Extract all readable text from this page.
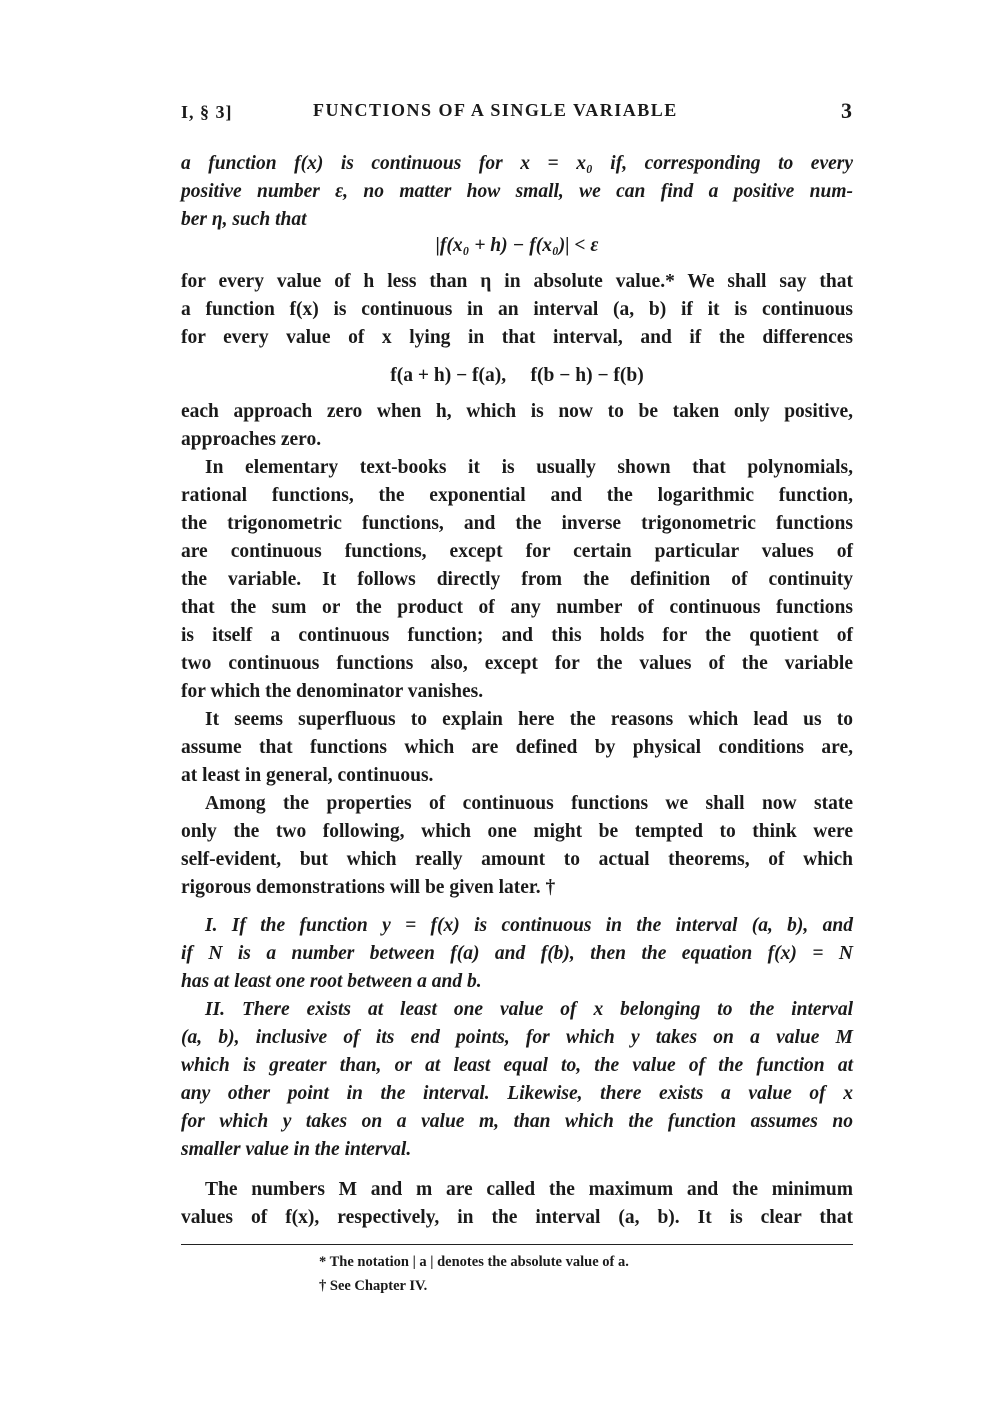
I, § 3]	FUNCTIONS OF A SINGLE VARIABLE	3
a function f(x) is continuous for x = x₀ if, corresponding to every
positive number ε, no matter how small, we can find a positive num-
ber η, such that
|f(x₀ + h) − f(x₀)| < ε
for every value of h less than η in absolute value.* We shall say that
a function f(x) is continuous in an interval (a, b) if it is continuous
for every value of x lying in that interval, and if the differences
f(a + h) − f(a),     f(b − h) − f(b)
each approach zero when h, which is now to be taken only positive,
approaches zero.
In elementary text-books it is usually shown that polynomials,
rational functions, the exponential and the logarithmic function,
the trigonometric functions, and the inverse trigonometric functions
are continuous functions, except for certain particular values of
the variable. It follows directly from the definition of continuity
that the sum or the product of any number of continuous functions
is itself a continuous function; and this holds for the quotient of
two continuous functions also, except for the values of the variable
for which the denominator vanishes.
It seems superfluous to explain here the reasons which lead us to
assume that functions which are defined by physical conditions are,
at least in general, continuous.
Among the properties of continuous functions we shall now state
only the two following, which one might be tempted to think were
self-evident, but which really amount to actual theorems, of which
rigorous demonstrations will be given later. †
I. If the function y = f(x) is continuous in the interval (a, b), and
if N is a number between f(a) and f(b), then the equation f(x) = N
has at least one root between a and b.
II. There exists at least one value of x belonging to the interval
(a, b), inclusive of its end points, for which y takes on a value M
which is greater than, or at least equal to, the value of the function at
any other point in the interval. Likewise, there exists a value of x
for which y takes on a value m, than which the function assumes no
smaller value in the interval.
The numbers M and m are called the maximum and the minimum
values of f(x), respectively, in the interval (a, b). It is clear that
* The notation | a | denotes the absolute value of a.
† See Chapter IV.
